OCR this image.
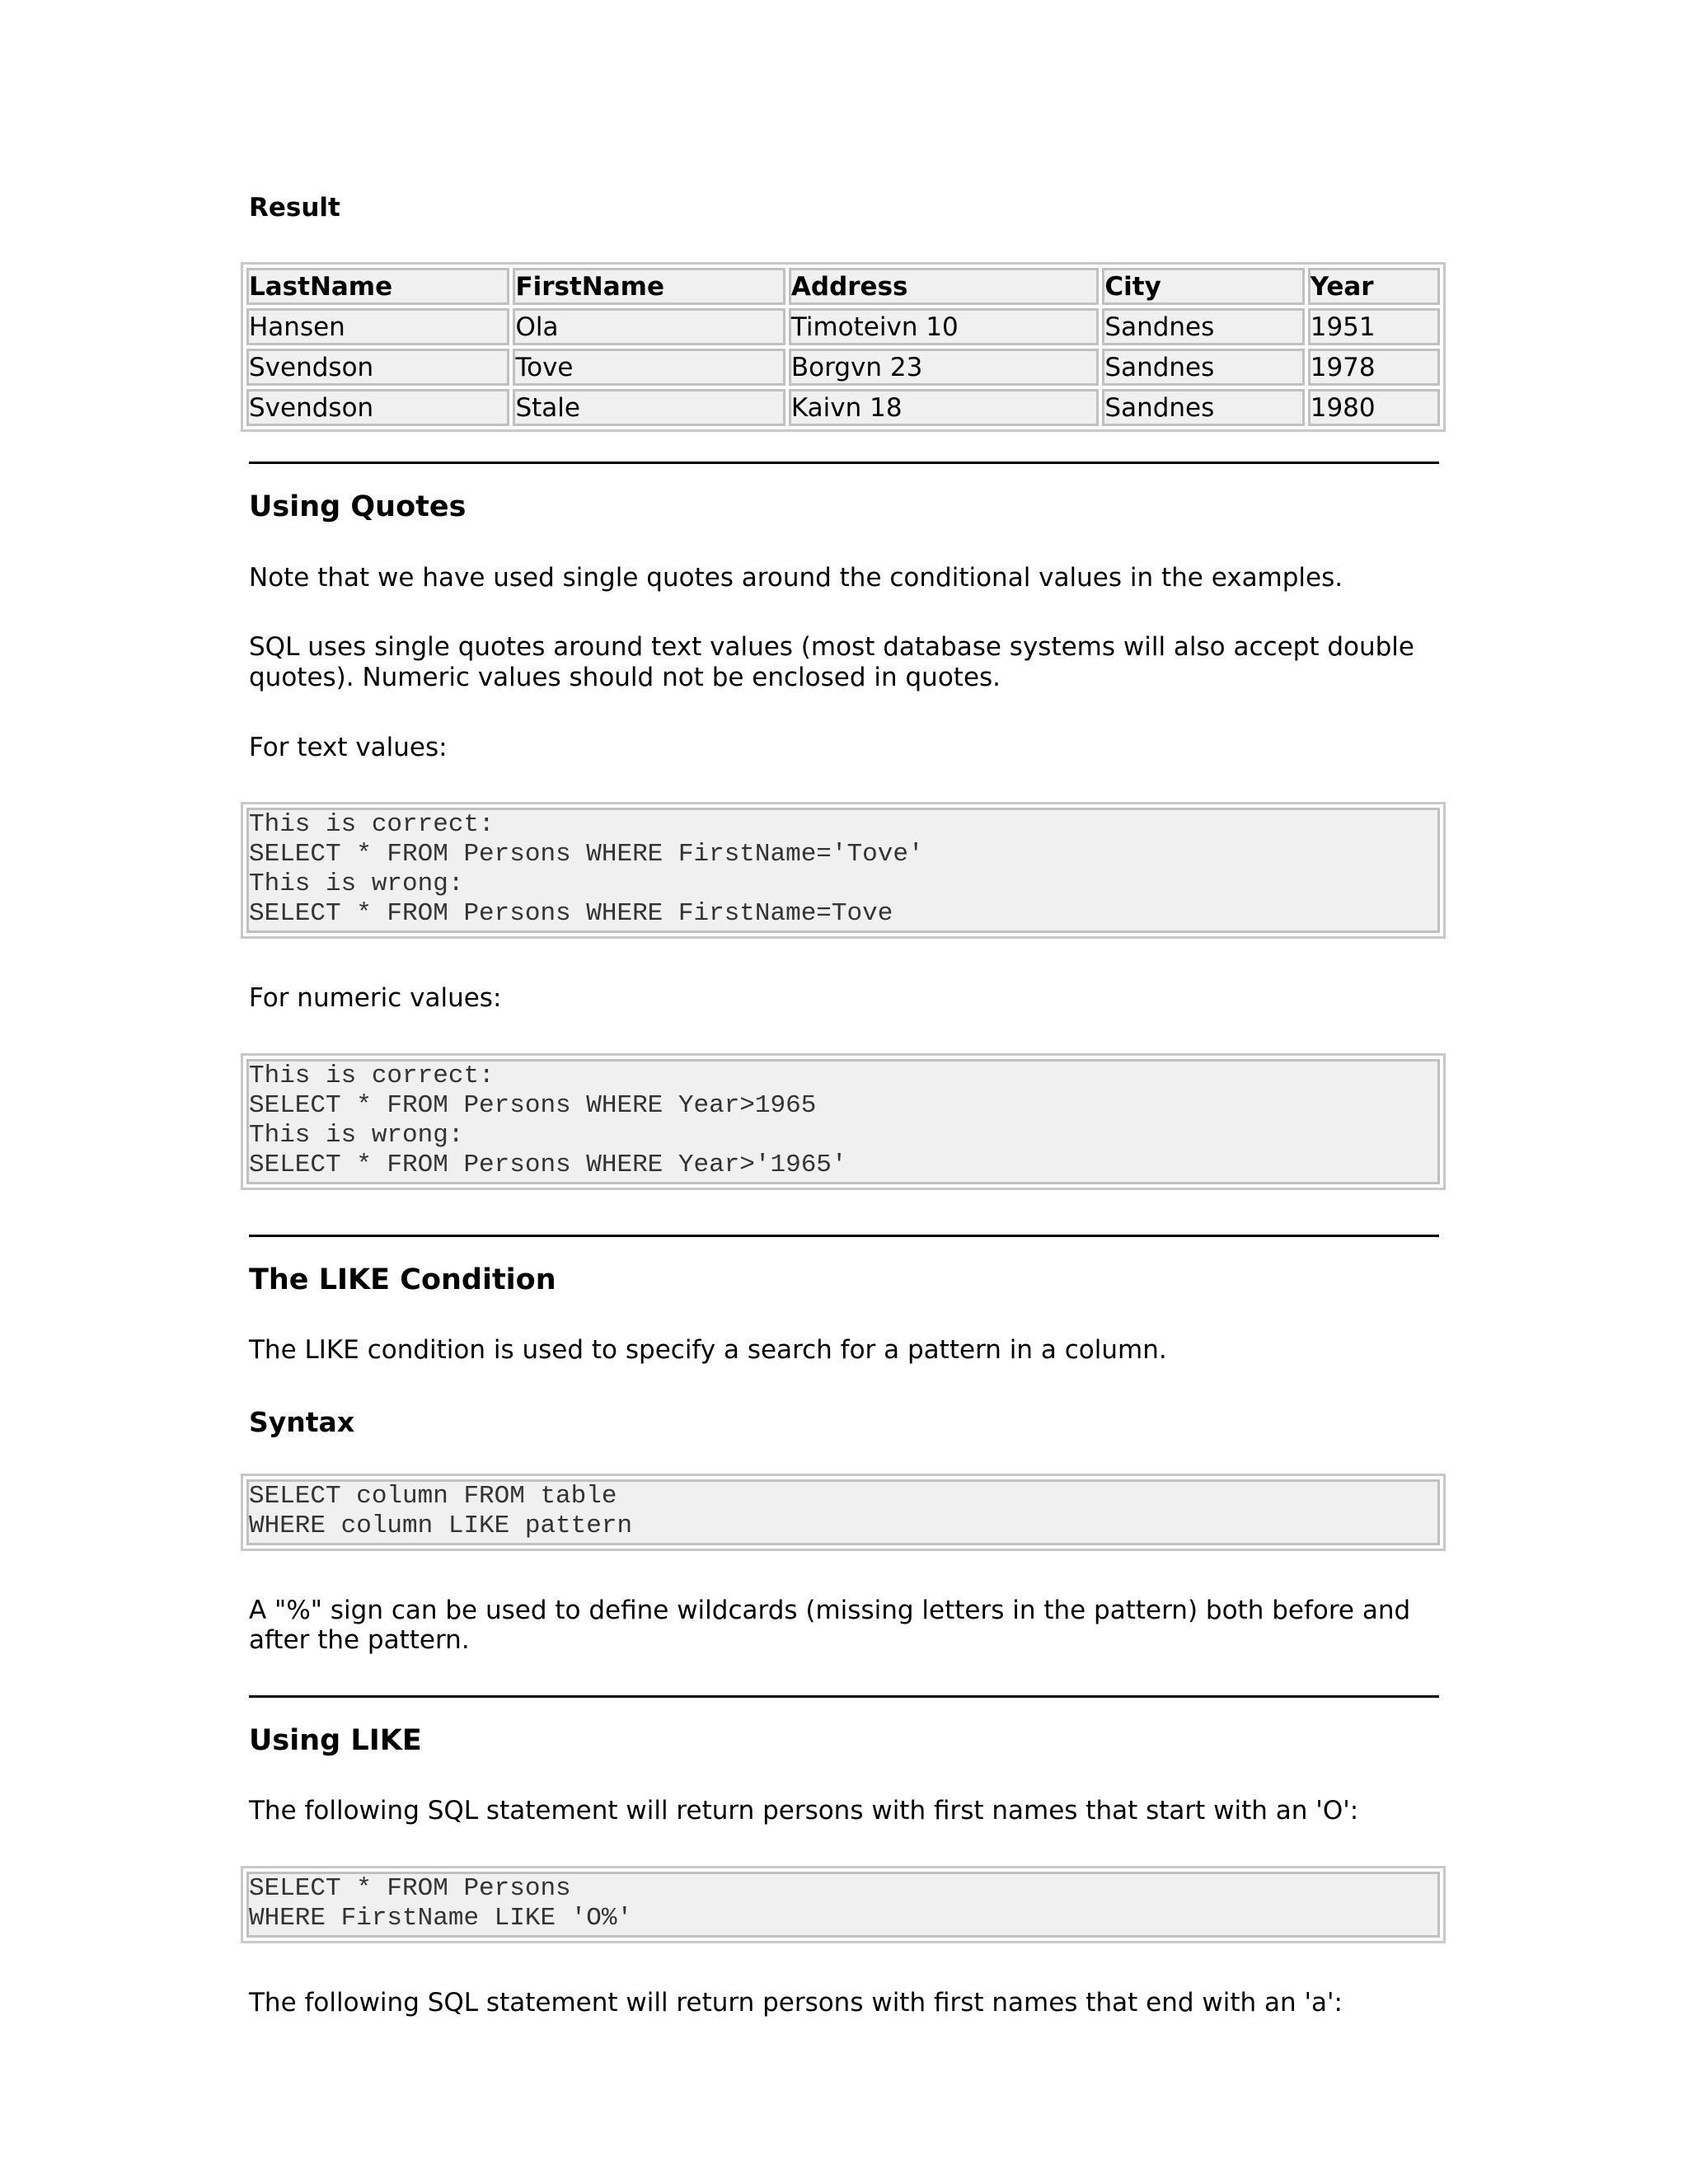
Result
LastName	FirstName	Address	City	Year
Hansen	Ola	Timoteivn 10	Sandnes	1951
Svendson	Tove	Borgvn 23	Sandnes	1978
Svendson	Stale	Kaivn 18	Sandnes	1980
Using Quotes

Note that we have used single quotes around the conditional values in the examples.

SQL uses single quotes around text values (most database systems will also accept double quotes). Numeric values should not be enclosed in quotes.

For text values:

This is correct:
SELECT * FROM Persons WHERE FirstName='Tove'
This is wrong:
SELECT * FROM Persons WHERE FirstName=Tove

For numeric values:

This is correct:
SELECT * FROM Persons WHERE Year>1965
This is wrong:
SELECT * FROM Persons WHERE Year>'1965'
The LIKE Condition

The LIKE condition is used to specify a search for a pattern in a column.

Syntax
SELECT column FROM table
WHERE column LIKE pattern

A "%" sign can be used to define wildcards (missing letters in the pattern) both before and after the pattern.

Using LIKE

The following SQL statement will return persons with first names that start with an 'O':

SELECT * FROM Persons
WHERE FirstName LIKE 'O%'

The following SQL statement will return persons with first names that end with an 'a':
